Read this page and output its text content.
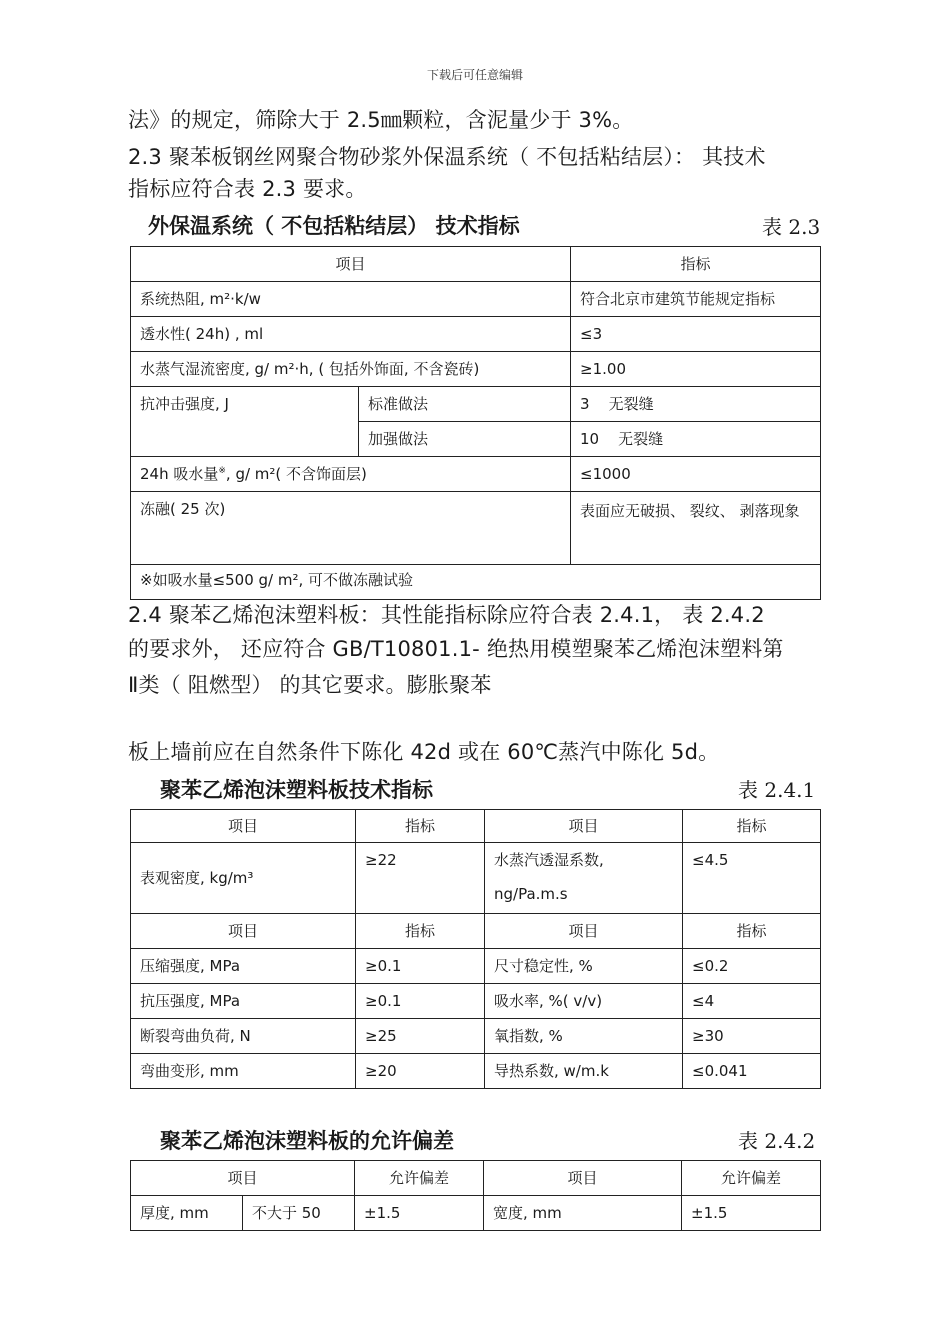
下载后可任意编辑
法》的规定，筛除大于 2.5㎜颗粒，含泥量少于 3%。
2.3 聚苯板钢丝网聚合物砂浆外保温系统（ 不包括粘结层）： 其技术
指标应符合表 2.3 要求。
外保温系统（ 不包括粘结层） 技术指标	表 2.3
项目		指标
系统热阻, m²·k/w		符合北京市建筑节能规定指标
透水性( 24h) , ml		≤3
水蒸气湿流密度, g/ m²·h, ( 包括外饰面, 不含瓷砖)		≥1.00
抗冲击强度, J	标准做法	3    无裂缝
	加强做法	10    无裂缝
24h 吸水量※, g/ m²( 不含饰面层)		≤1000
冻融( 25 次)		表面应无破损、 裂纹、 剥落现象
※如吸水量≤500 g/ m², 可不做冻融试验		
2.4 聚苯乙烯泡沫塑料板：其性能指标除应符合表 2.4.1， 表 2.4.2
的要求外， 还应符合 GB/T10801.1- 绝热用模塑聚苯乙烯泡沫塑料第
Ⅱ类（ 阻燃型） 的其它要求。膨胀聚苯
板上墙前应在自然条件下陈化 42d 或在 60℃蒸汽中陈化 5d。
聚苯乙烯泡沫塑料板技术指标	表 2.4.1
项目	指标	项目	指标
表观密度, kg/m³	≥22	水蒸汽透湿系数, ng/Pa.m.s	≤4.5
项目	指标	项目	指标
压缩强度, MPa	≥0.1	尺寸稳定性, %	≤0.2
抗压强度, MPa	≥0.1	吸水率, %( v/v)	≤4
断裂弯曲负荷, N	≥25	氧指数, %	≥30
弯曲变形, mm	≥20	导热系数, w/m.k	≤0.041
聚苯乙烯泡沫塑料板的允许偏差	表 2.4.2
项目		允许偏差	项目	允许偏差
厚度, mm	不大于 50	±1.5	宽度, mm	±1.5
